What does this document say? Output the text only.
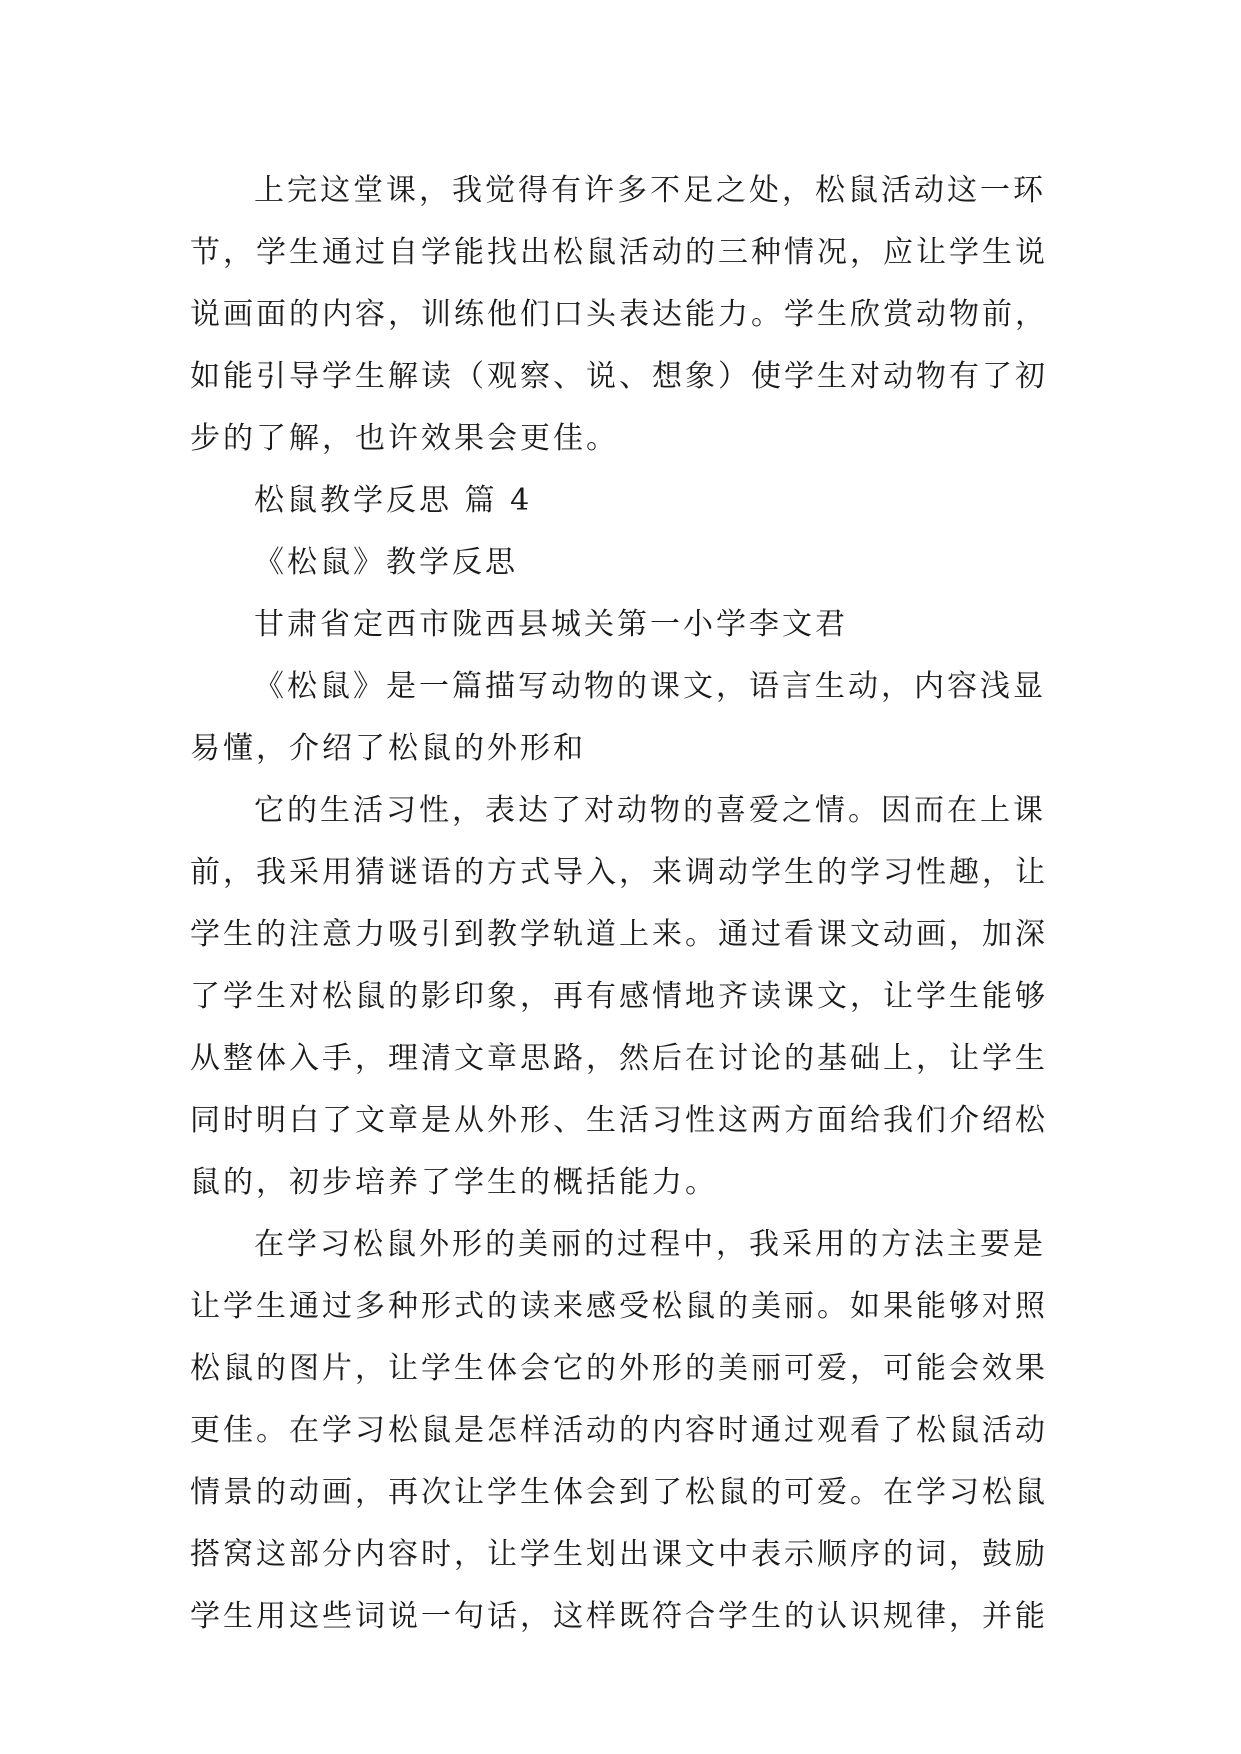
上完这堂课，我觉得有许多不足之处，松鼠活动这一环
节，学生通过自学能找出松鼠活动的三种情况，应让学生说
说画面的内容，训练他们口头表达能力。学生欣赏动物前，
如能引导学生解读（观察、说、想象）使学生对动物有了初
步的了解，也许效果会更佳。
松鼠教学反思 篇 4
《松鼠》教学反思
甘肃省定西市陇西县城关第一小学李文君
《松鼠》是一篇描写动物的课文，语言生动，内容浅显
易懂，介绍了松鼠的外形和
它的生活习性，表达了对动物的喜爱之情。因而在上课
前，我采用猜谜语的方式导入，来调动学生的学习性趣，让
学生的注意力吸引到教学轨道上来。通过看课文动画，加深
了学生对松鼠的影印象，再有感情地齐读课文，让学生能够
从整体入手，理清文章思路，然后在讨论的基础上，让学生
同时明白了文章是从外形、生活习性这两方面给我们介绍松
鼠的，初步培养了学生的概括能力。
在学习松鼠外形的美丽的过程中，我采用的方法主要是
让学生通过多种形式的读来感受松鼠的美丽。如果能够对照
松鼠的图片，让学生体会它的外形的美丽可爱，可能会效果
更佳。在学习松鼠是怎样活动的内容时通过观看了松鼠活动
情景的动画，再次让学生体会到了松鼠的可爱。在学习松鼠
搭窝这部分内容时，让学生划出课文中表示顺序的词，鼓励
学生用这些词说一句话，这样既符合学生的认识规律，并能
